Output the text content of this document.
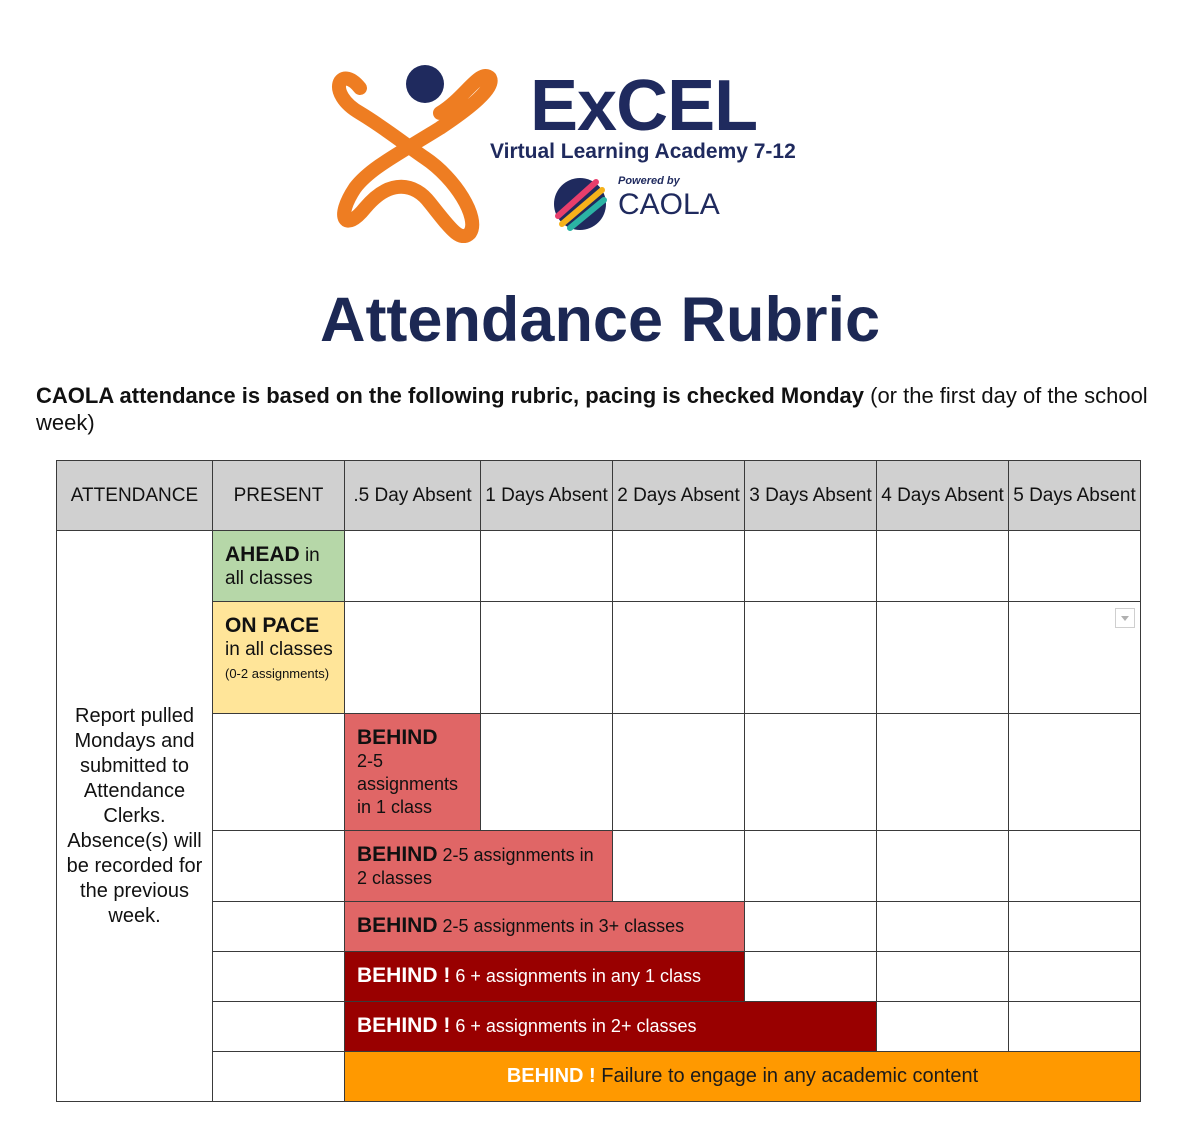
ExCEL
Virtual Learning Academy 7-12
Powered by
CAOLA
Attendance Rubric
CAOLA attendance is based on the following rubric, pacing is checked Monday (or the first day of the school week)
ATTENDANCE	PRESENT	.5 Day Absent	1 Days Absent	2 Days Absent	3 Days Absent	4 Days Absent	5 Days Absent
Report pulled Mondays and submitted to Attendance Clerks. Absence(s) will be recorded for the previous week.	AHEAD in all classes						
	ON PACE
in all classes (0-2 assignments)						
		BEHIND
2-5 assignments in 1 class					
		BEHIND 2-5 assignments in 2 classes					
		BEHIND 2-5 assignments in 3+ classes					
		BEHIND ! 6 + assignments in any 1 class					
		BEHIND ! 6 + assignments in 2+ classes					
		BEHIND ! Failure to engage in any academic content					
